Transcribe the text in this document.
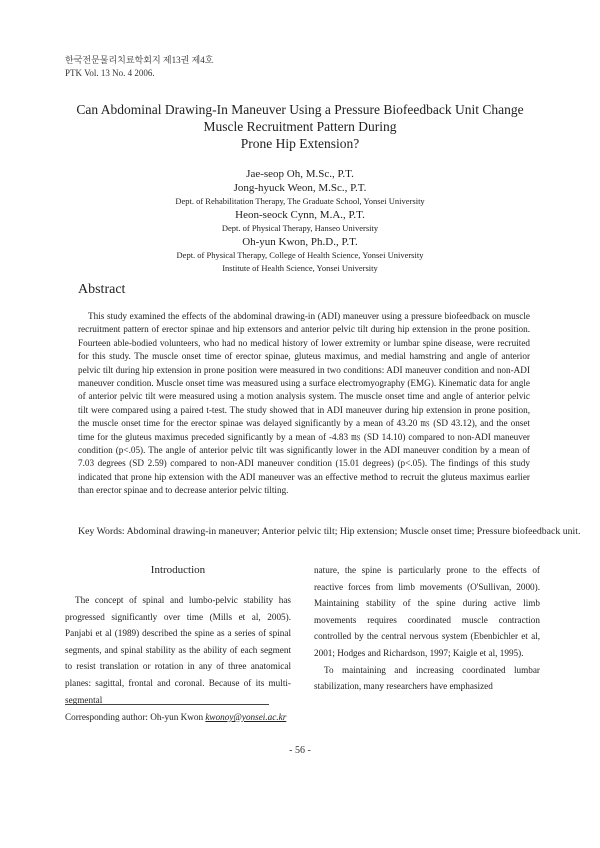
한국전문물리치료학회지 제13권 제4호
PTK Vol. 13 No. 4 2006.
Can Abdominal Drawing-In Maneuver Using a Pressure Biofeedback Unit Change
Muscle Recruitment Pattern During
Prone Hip Extension?
Jae-seop Oh, M.Sc., P.T.
Jong-hyuck Weon, M.Sc., P.T.
Dept. of Rehabilitation Therapy, The Graduate School, Yonsei University
Heon-seock Cynn, M.A., P.T.
Dept. of Physical Therapy, Hanseo University
Oh-yun Kwon, Ph.D., P.T.
Dept. of Physical Therapy, College of Health Science, Yonsei University
Institute of Health Science, Yonsei University
Abstract
This study examined the effects of the abdominal drawing-in (ADI) maneuver using a pressure biofeedback on muscle recruitment pattern of erector spinae and hip extensors and anterior pelvic tilt during hip extension in the prone position. Fourteen able-bodied volunteers, who had no medical history of lower extremity or lumbar spine disease, were recruited for this study. The muscle onset time of erector spinae, gluteus maximus, and medial hamstring and angle of anterior pelvic tilt during hip extension in prone position were measured in two conditions: ADI maneuver condition and non-ADI maneuver condition. Muscle onset time was measured using a surface electromyography (EMG). Kinematic data for angle of anterior pelvic tilt were measured using a motion analysis system. The muscle onset time and angle of anterior pelvic tilt were compared using a paired t-test. The study showed that in ADI maneuver during hip extension in prone position, the muscle onset time for the erector spinae was delayed significantly by a mean of 43.20 ㎳ (SD 43.12), and the onset time for the gluteus maximus preceded significantly by a mean of -4.83 ㎳ (SD 14.10) compared to non-ADI maneuver condition (p<.05). The angle of anterior pelvic tilt was significantly lower in the ADI maneuver condition by a mean of 7.03 degrees (SD 2.59) compared to non-ADI maneuver condition (15.01 degrees) (p<.05). The findings of this study indicated that prone hip extension with the ADI maneuver was an effective method to recruit the gluteus maximus earlier than erector spinae and to decrease anterior pelvic tilting.
Key Words: Abdominal drawing-in maneuver; Anterior pelvic tilt; Hip extension; Muscle onset time; Pressure biofeedback unit.
Introduction

The concept of spinal and lumbo-pelvic stability has progressed significantly over time (Mills et al, 2005). Panjabi et al (1989) described the spine as a series of spinal segments, and spinal stability as the ability of each segment to resist translation or rotation in any of three anatomical planes: sagittal, frontal and coronal. Because of its multi-segmental

nature, the spine is particularly prone to the effects of reactive forces from limb movements (O'Sullivan, 2000). Maintaining stability of the spine during active limb movements requires coordinated muscle contraction controlled by the central nervous system (Ebenbichler et al, 2001; Hodges and Richardson, 1997; Kaigle et al, 1995).

To maintaining and increasing coordinated lumbar stabilization, many researchers have emphasized

Corresponding author: Oh-yun Kwon kwonoy@yonsei.ac.kr
- 56 -
